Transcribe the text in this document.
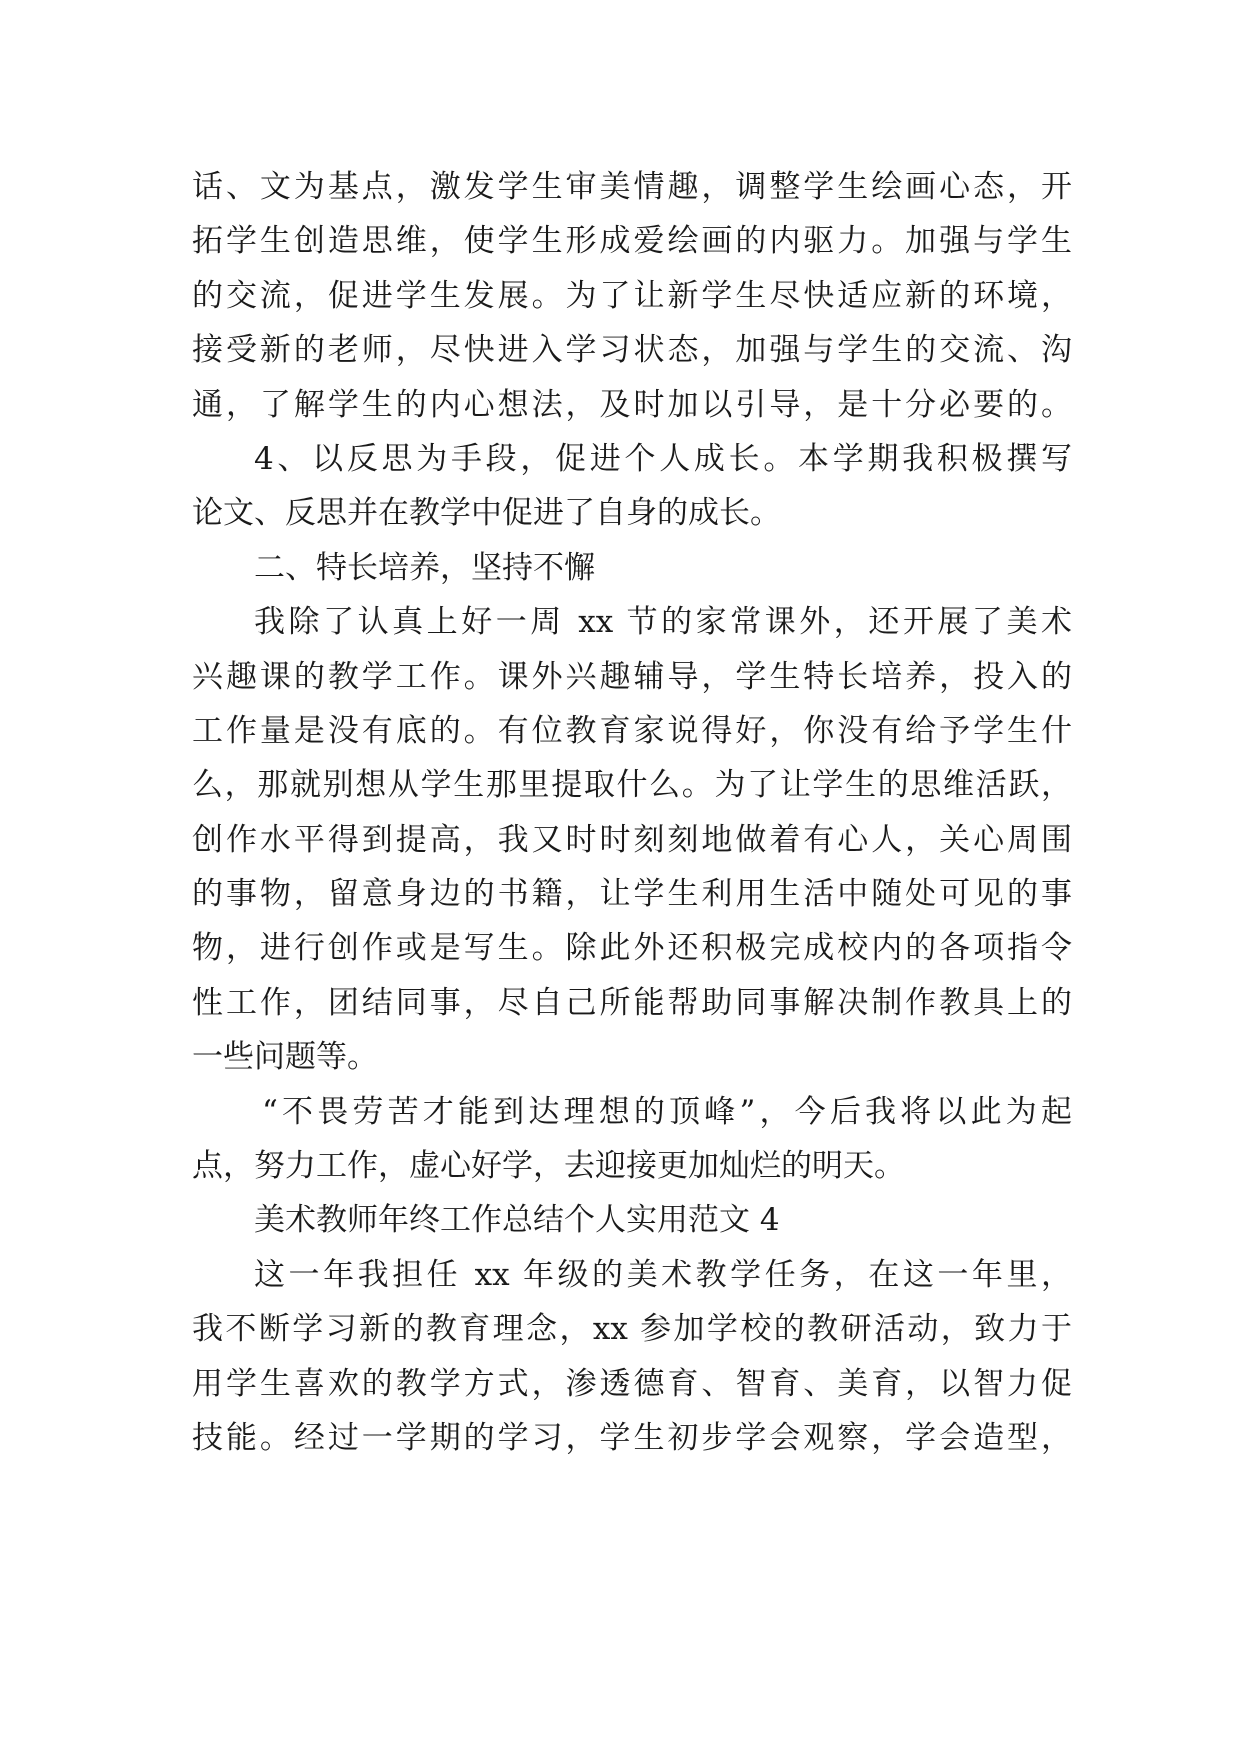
话、文为基点，激发学生审美情趣，调整学生绘画心态，开
拓学生创造思维，使学生形成爱绘画的内驱力。加强与学生
的交流，促进学生发展。为了让新学生尽快适应新的环境，
接受新的老师，尽快进入学习状态，加强与学生的交流、沟
通，了解学生的内心想法，及时加以引导，是十分必要的。
4、以反思为手段，促进个人成长。本学期我积极撰写
论文、反思并在教学中促进了自身的成长。
二、特长培养，坚持不懈
我除了认真上好一周 xx 节的家常课外，还开展了美术
兴趣课的教学工作。课外兴趣辅导，学生特长培养，投入的
工作量是没有底的。有位教育家说得好，你没有给予学生什
么，那就别想从学生那里提取什么。为了让学生的思维活跃，
创作水平得到提高，我又时时刻刻地做着有心人，关心周围
的事物，留意身边的书籍，让学生利用生活中随处可见的事
物，进行创作或是写生。除此外还积极完成校内的各项指令
性工作，团结同事，尽自己所能帮助同事解决制作教具上的
一些问题等。
“不畏劳苦才能到达理想的顶峰”，今后我将以此为起
点，努力工作，虚心好学，去迎接更加灿烂的明天。
美术教师年终工作总结个人实用范文 4
这一年我担任 xx 年级的美术教学任务，在这一年里，
我不断学习新的教育理念，xx 参加学校的教研活动，致力于
用学生喜欢的教学方式，渗透德育、智育、美育，以智力促
技能。经过一学期的学习，学生初步学会观察，学会造型，
